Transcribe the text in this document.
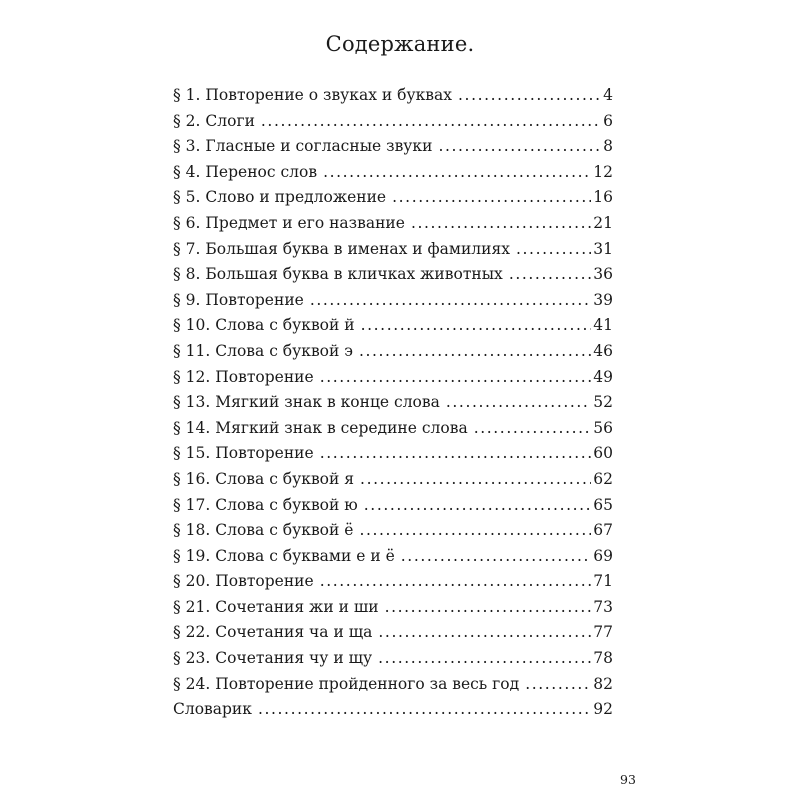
Содержание.
§ 1. Повторение о звуках и буквах .....	4
§ 2. Слоги .....	6
§ 3. Гласные и согласные звуки .....	8
§ 4. Перенос слов .....	12
§ 5. Слово и предложение .....	16
§ 6. Предмет и его название .....	21
§ 7. Большая буква в именах и фамилиях .....	31
§ 8. Большая буква в кличках животных .....	36
§ 9. Повторение .....	39
§ 10. Слова с буквой й .....	41
§ 11. Слова с буквой э .....	46
§ 12. Повторение .....	49
§ 13. Мягкий знак в конце слова .....	52
§ 14. Мягкий знак в середине слова .....	56
§ 15. Повторение .....	60
§ 16. Слова с буквой я .....	62
§ 17. Слова с буквой ю .....	65
§ 18. Слова с буквой ё .....	67
§ 19. Слова с буквами е и ё .....	69
§ 20. Повторение .....	71
§ 21. Сочетания жи и ши .....	73
§ 22. Сочетания ча и ща .....	77
§ 23. Сочетания чу и щу .....	78
§ 24. Повторение пройденного за весь год .....	82
Словарик .....	92
93
